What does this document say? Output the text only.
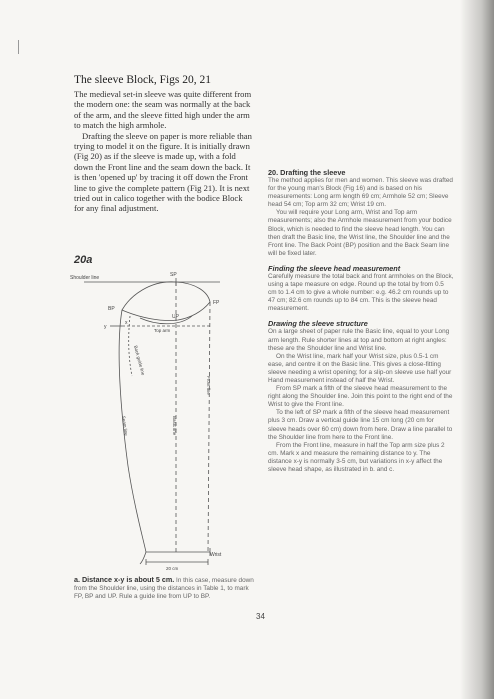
The sleeve Block, Figs 20, 21

The medieval set-in sleeve was quite different from the modern one: the seam was normally at the back of the arm, and the sleeve fitted high under the arm to match the high armhole.

Drafting the sleeve on paper is more reliable than trying to model it on the figure. It is initially drawn (Fig 20) as if the sleeve is made up, with a fold down the Front line and the seam down the back. It is then 'opened up' by tracing it off down the Front line to give the complete pattern (Fig 21). It is next tried out in calico together with the bodice Block for any final adjustment.

20a
Shoulder line	SP
BP
FP
UP
Top arm
x
y
Wrist
20 cm
Back guide line
Seam line	Basic line
Front line

a. Distance x-y is about 5 cm. In this case, measure down from the Shoulder line, using the distances in Table 1, to mark FP, BP and UP. Rule a guide line from UP to BP.

20. Drafting the sleeve

The method applies for men and women. This sleeve was drafted for the young man's Block (Fig 16) and is based on his measurements: Long arm length 69 cm; Armhole 52 cm; Sleeve head 54 cm; Top arm 32 cm; Wrist 19 cm.

You will require your Long arm, Wrist and Top arm measurements; also the Armhole measurement from your bodice Block, which is needed to find the sleeve head length. You can then draft the Basic line, the Wrist line, the Shoulder line and the Front line. The Back Point (BP) position and the Back Seam line will be fixed later.

Finding the sleeve head measurement

Carefully measure the total back and front armholes on the Block, using a tape measure on edge. Round up the total by from 0.5 cm to 1.4 cm to give a whole number: e.g. 46.2 cm rounds up to 47 cm; 82.6 cm rounds up to 84 cm. This is the sleeve head measurement.

Drawing the sleeve structure

On a large sheet of paper rule the Basic line, equal to your Long arm length. Rule shorter lines at top and bottom at right angles: these are the Shoulder line and Wrist line.

On the Wrist line, mark half your Wrist size, plus 0.5-1 cm ease, and centre it on the Basic line. This gives a close-fitting sleeve needing a wrist opening; for a slip-on sleeve use half your Hand measurement instead of half the Wrist.

From SP mark a fifth of the sleeve head measurement to the right along the Shoulder line. Join this point to the right end of the Wrist to give the Front line.

To the left of SP mark a fifth of the sleeve head measurement plus 3 cm. Draw a vertical guide line 15 cm long (20 cm for sleeve heads over 60 cm) down from here. Draw a line parallel to the Shoulder line from here to the Front line.

From the Front line, measure in half the Top arm size plus 2 cm. Mark x and measure the remaining distance to y. The distance x-y is normally 3-5 cm, but variations in x-y affect the sleeve head shape, as illustrated in b. and c.

34
